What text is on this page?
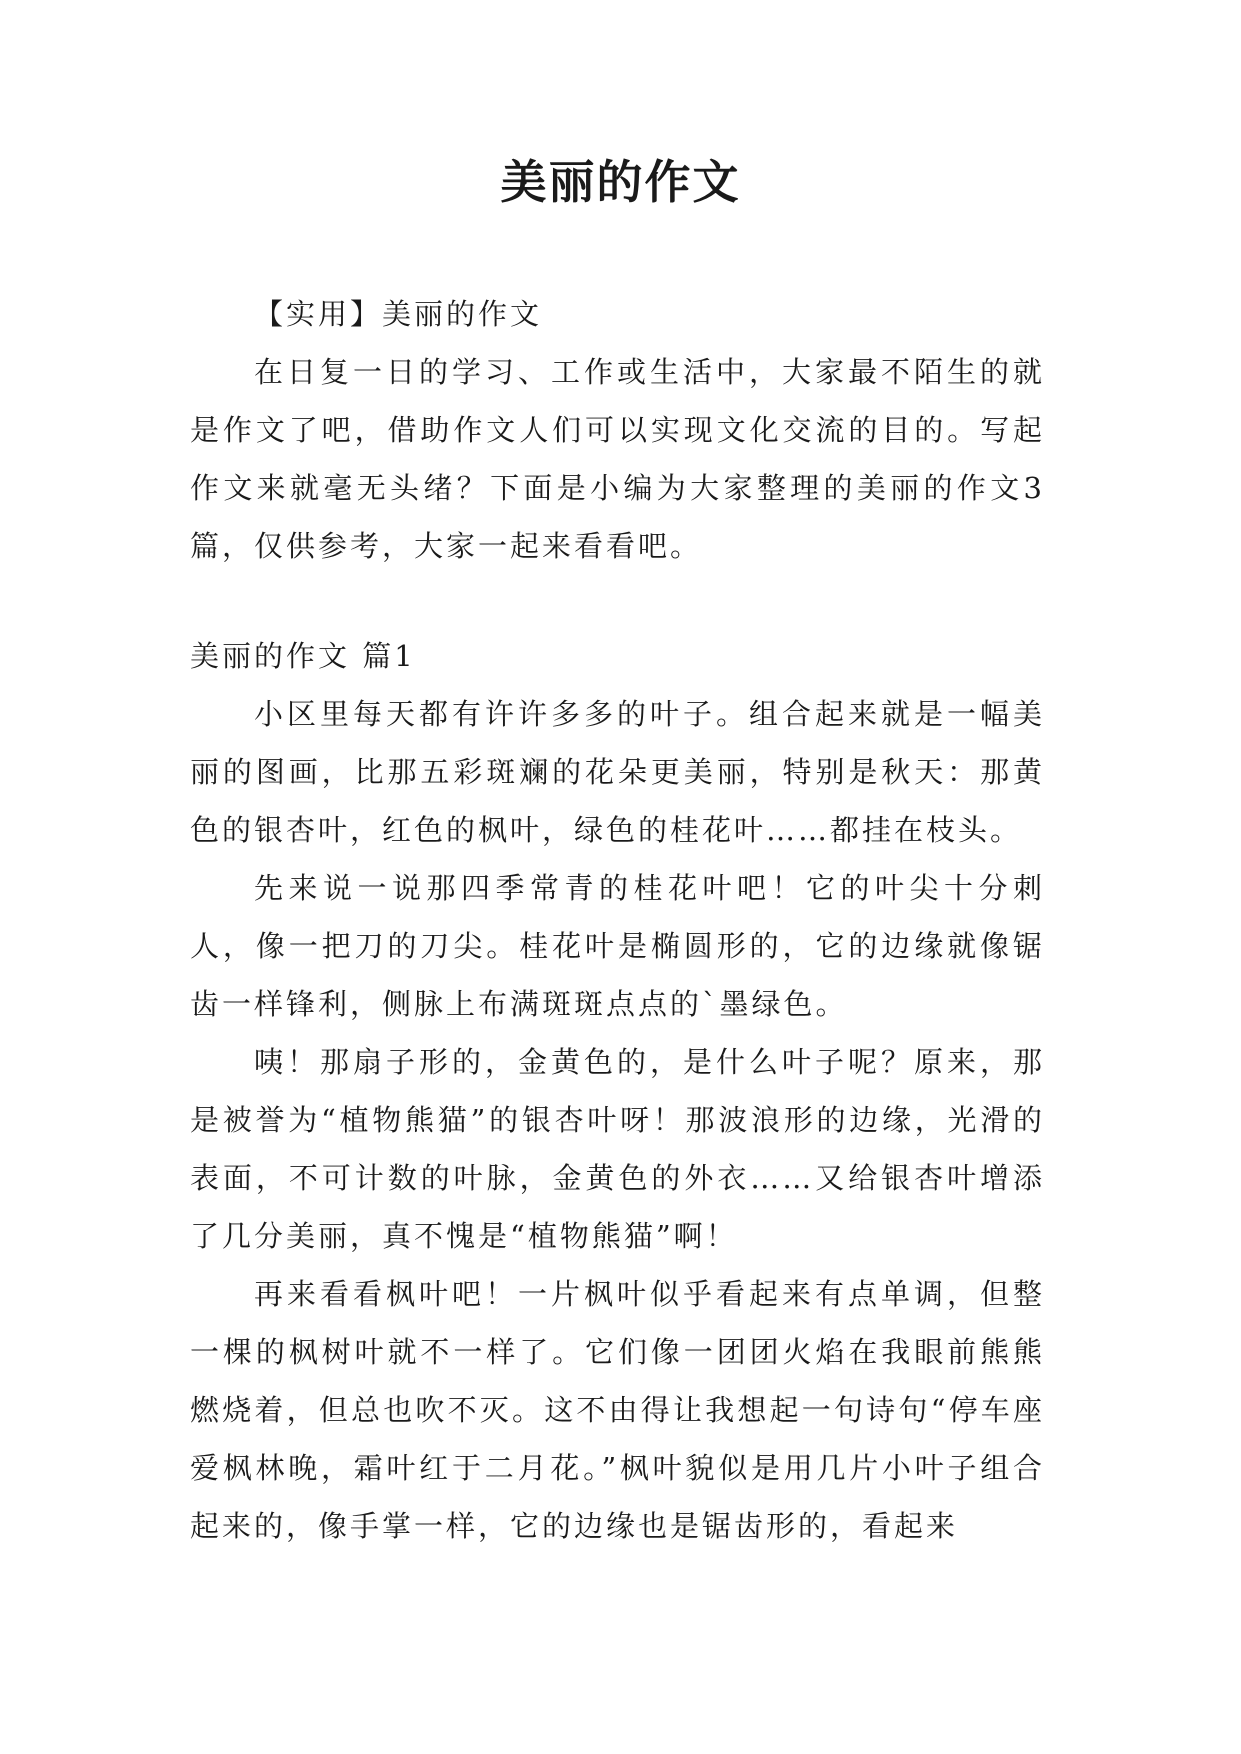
美丽的作文

【实用】美丽的作文

在日复一日的学习、工作或生活中，大家最不陌生的就是作文了吧，借助作文人们可以实现文化交流的目的。写起作文来就毫无头绪？下面是小编为大家整理的美丽的作文3篇，仅供参考，大家一起来看看吧。

美丽的作文 篇1

小区里每天都有许许多多的叶子。组合起来就是一幅美丽的图画，比那五彩斑斓的花朵更美丽，特别是秋天：那黄色的银杏叶，红色的枫叶，绿色的桂花叶……都挂在枝头。

先来说一说那四季常青的桂花叶吧！它的叶尖十分刺人，像一把刀的刀尖。桂花叶是椭圆形的，它的边缘就像锯齿一样锋利，侧脉上布满斑斑点点的`墨绿色。

咦！那扇子形的，金黄色的，是什么叶子呢？原来，那是被誉为“植物熊猫”的银杏叶呀！那波浪形的边缘，光滑的表面，不可计数的叶脉，金黄色的外衣……又给银杏叶增添了几分美丽，真不愧是“植物熊猫”啊！

再来看看枫叶吧！一片枫叶似乎看起来有点单调，但整一棵的枫树叶就不一样了。它们像一团团火焰在我眼前熊熊燃烧着，但总也吹不灭。这不由得让我想起一句诗句“停车座爱枫林晚，霜叶红于二月花。”枫叶貌似是用几片小叶子组合起来的，像手掌一样，它的边缘也是锯齿形的，看起来
